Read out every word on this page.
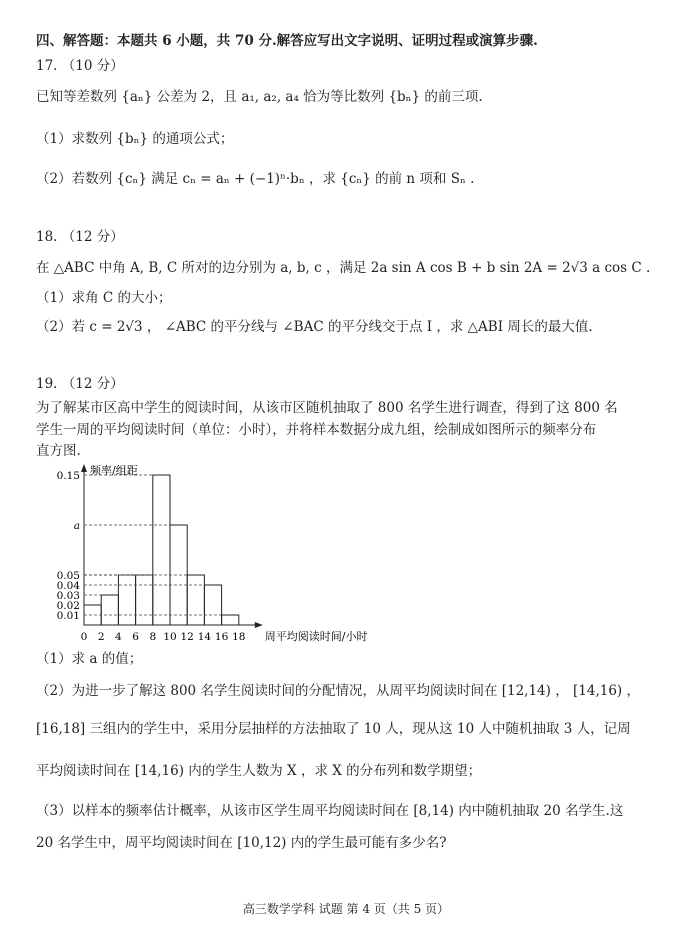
四、解答题：本题共 6 小题，共 70 分.解答应写出文字说明、证明过程或演算步骤.
17. （10 分）
已知等差数列 {aₙ} 公差为 2，且 a₁, a₂, a₄ 恰为等比数列 {bₙ} 的前三项.
（1）求数列 {bₙ} 的通项公式；
（2）若数列 {cₙ} 满足 cₙ = aₙ + (−1)ⁿ·bₙ ，求 {cₙ} 的前 n 项和 Sₙ .
18. （12 分）
在 △ABC 中角 A, B, C 所对的边分别为 a, b, c ，满足 2a sin A cos B + b sin 2A = 2√3 a cos C .
（1）求角 C 的大小；
（2）若 c = 2√3 ， ∠ABC 的平分线与 ∠BAC 的平分线交于点 I ，求 △ABI 周长的最大值.
19. （12 分）
为了解某市区高中学生的阅读时间，从该市区随机抽取了 800 名学生进行调查，得到了这 800 名
学生一周的平均阅读时间（单位：小时），并将样本数据分成九组，绘制成如图所示的频率分布
直方图.
0.15
a
0.05
0.04
0.03
0.02
0.01
0 2 4 6 8 10 12 14 16 18
频率/组距
周平均阅读时间/小时
（1）求 a 的值；
（2）为进一步了解这 800 名学生阅读时间的分配情况，从周平均阅读时间在 [12,14) ， [14,16) ，
[16,18] 三组内的学生中，采用分层抽样的方法抽取了 10 人，现从这 10 人中随机抽取 3 人，记周
平均阅读时间在 [14,16) 内的学生人数为 X ，求 X 的分布列和数学期望；
（3）以样本的频率估计概率，从该市区学生周平均阅读时间在 [8,14) 内中随机抽取 20 名学生.这
20 名学生中，周平均阅读时间在 [10,12) 内的学生最可能有多少名?
高三数学学科 试题 第 4 页（共 5 页）
